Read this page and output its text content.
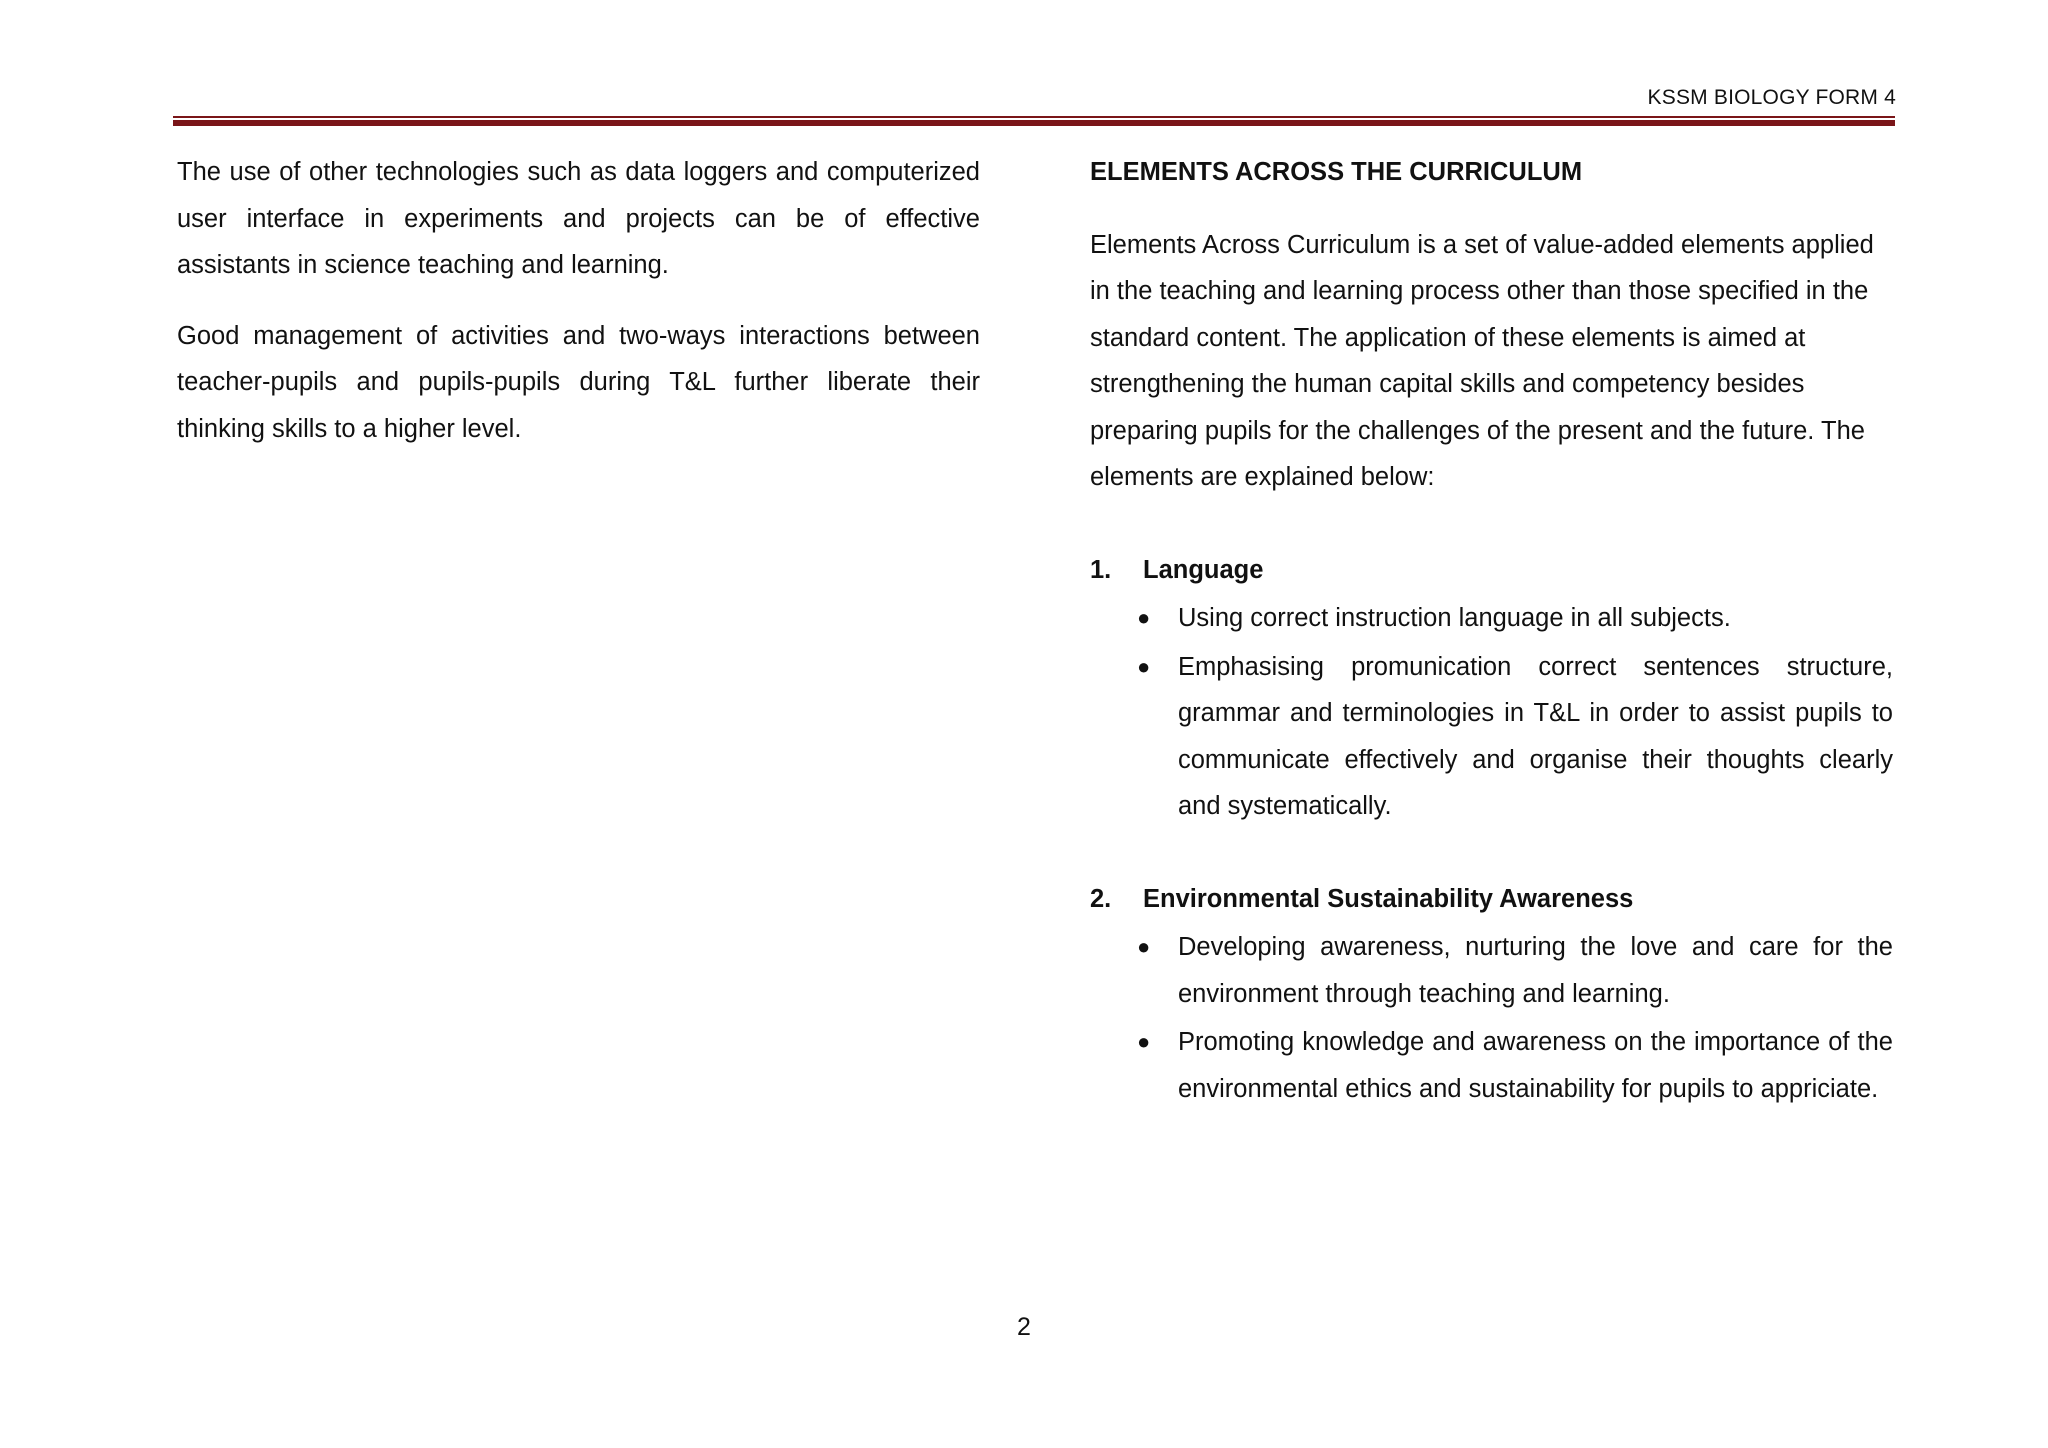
KSSM BIOLOGY FORM 4

The use of other technologies such as data loggers and computerized user interface in experiments and projects can be of effective assistants in science teaching and learning.

Good management of activities and two-ways interactions between teacher-pupils and pupils-pupils during T&L further liberate their thinking skills to a higher level.

ELEMENTS ACROSS THE CURRICULUM
Elements Across Curriculum is a set of value-added elements applied in the teaching and learning process other than those specified in the standard content. The application of these elements is aimed at strengthening the human capital skills and competency besides preparing pupils for the challenges of the present and the future. The elements are explained below:
1.	Language
● Using correct instruction language in all subjects.
● Emphasising promunication correct sentences structure, grammar and terminologies in T&L in order to assist pupils to communicate effectively and organise their thoughts clearly and systematically.
2.	Environmental Sustainability Awareness
● Developing awareness, nurturing the love and care for the environment through teaching and learning.
● Promoting knowledge and awareness on the importance of the environmental ethics and sustainability for pupils to appriciate.
2
